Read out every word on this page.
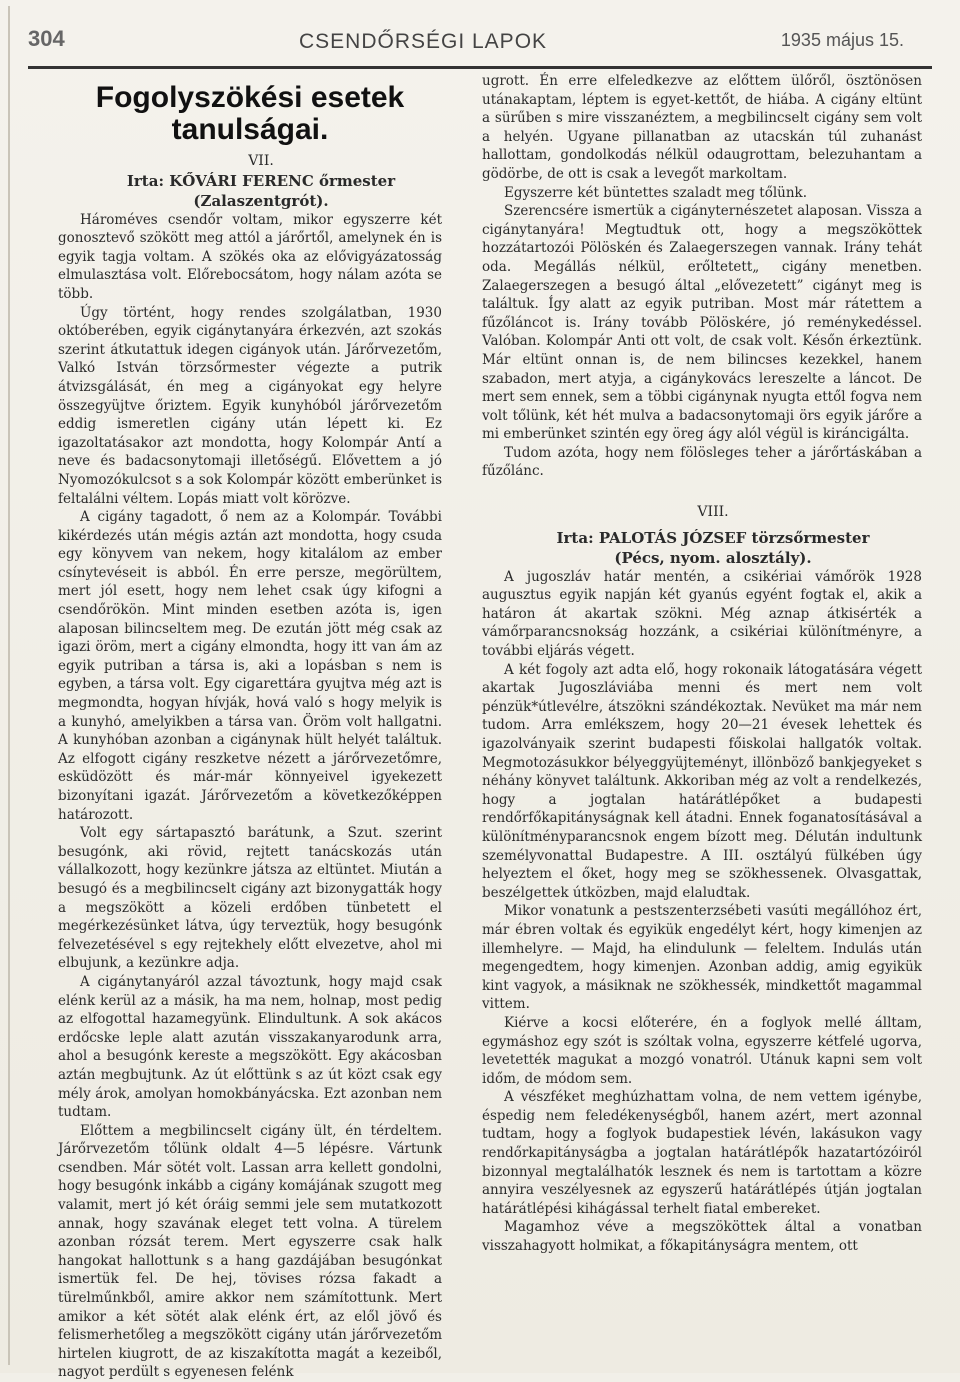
304	CSENDŐRSÉGI LAPOK	1935 május 15.
Fogolyszökési esetek tanulságai.

VII.

Irta: KŐVÁRI FERENC őrmester

(Zalaszentgrót).

Hároméves csendőr voltam, mikor egyszerre két gonosztevő szökött meg attól a járőrtől, amelynek én is egyik tagja voltam. A szökés oka az elővigyázatosság elmulasztása volt. Előrebocsátom, hogy nálam azóta se több.

Úgy történt, hogy rendes szolgálatban, 1930 októberében, egyik cigánytanyára érkezvén, azt szokás szerint átkutattuk idegen cigányok után. Járőrvezetőm, Valkó István törzsőrmester végezte a putrik átvizsgálását, én meg a cigányokat egy helyre összegyüjtve őriztem. Egyik kunyhóból járőrvezetőm eddig ismeretlen cigány után lépett ki. Ez igazoltatásakor azt mondotta, hogy Kolompár Antí a neve és badacsonytomaji illetőségű. Elővettem a jó Nyomozókulcsot s a sok Kolompár között emberünket is feltalálni véltem. Lopás miatt volt körözve.

A cigány tagadott, ő nem az a Kolompár. További kikérdezés után mégis aztán azt mondotta, hogy csuda egy könyvem van nekem, hogy kitalálom az ember csínytevéseit is abból. Én erre persze, megörültem, mert jól esett, hogy nem lehet csak úgy kifogni a csendőrökön. Mint minden esetben azóta is, igen alaposan bilincseltem meg. De ezután jött még csak az igazi öröm, mert a cigány elmondta, hogy itt van ám az egyik putriban a társa is, aki a lopásban s nem is egyben, a társa volt. Egy cigarettára gyujtva még azt is megmondta, hogyan hívják, hová való s hogy melyik is a kunyhó, amelyikben a társa van. Öröm volt hallgatni. A kunyhóban azonban a cigánynak hült helyét találtuk. Az elfogott cigány reszketve nézett a járőrvezetőmre, esküdözött és már-már könnyeivel igyekezett bizonyítani igazát. Járőrvezetőm a következőképpen határozott.

Volt egy sártapasztó barátunk, a Szut. szerint besugónk, aki rövid, rejtett tanácskozás után vállalkozott, hogy kezünkre játsza az eltüntet. Miután a besugó és a megbilincselt cigány azt bizonygatták hogy a megszökött a közeli erdőben tünbetett el megérkezésünket látva, úgy terveztük, hogy besugónk felvezetésével s egy rejtekhely előtt elvezetve, ahol mi elbujunk, a kezünkre adja.

A cigánytanyáról azzal távoztunk, hogy majd csak elénk kerül az a másik, ha ma nem, holnap, most pedig az elfogottal hazamegyünk. Elindultunk. A sok akácos erdőcske leple alatt azután visszakanyarodunk arra, ahol a besugónk kereste a megszökött. Egy akácosban aztán megbujtunk. Az út előttünk s az út közt csak egy mély árok, amolyan homokbányácska. Ezt azonban nem tudtam.

Előttem a megbilincselt cigány ült, én térdeltem. Járőrvezetőm tőlünk oldalt 4—5 lépésre. Vártunk csendben. Már sötét volt. Lassan arra kellett gondolni, hogy besugónk inkább a cigány komájának szugott meg valamit, mert jó két óráig semmi jele sem mutatkozott annak, hogy szavának eleget tett volna. A türelem azonban rózsát terem. Mert egyszerre csak halk hangokat hallottunk s a hang gazdájában besugónkat ismertük fel. De hej, tövises rózsa fakadt a türelműnkből, amire akkor nem számítottunk. Mert amikor a két sötét alak elénk ért, az elől jövő és felismerhetőleg a megszökött cigány után járőrvezetőm hirtelen kiugrott, de az kiszakította magát a kezeiből, nagyot perdült s egyenesen felénk

ugrott. Én erre elfeledkezve az előttem ülőről, ösztönösen utánakaptam, léptem is egyet-kettőt, de hiába. A cigány eltünt a sürűben s mire visszanéztem, a megbilincselt cigány sem volt a helyén. Ugyane pillanatban az utacskán túl zuhanást hallottam, gondolkodás nélkül odaugrottam, belezuhantam a gödörbe, de ott is csak a levegőt markoltam.

Egyszerre két büntettes szaladt meg tőlünk.

Szerencsére ismertük a cigányternészetet alaposan. Vissza a cigánytanyára! Megtudtuk ott, hogy a megszököttek hozzátartozói Pölöskén és Zalaegerszegen vannak. Irány tehát oda. Megállás nélkül, erőltetett„ cigány menetben. Zalaegerszegen a besugó által „elővezetett” cigányt meg is találtuk. Így alatt az egyik putriban. Most már rátettem a fűzőláncot is. Irány tovább Pölöskére, jó reménykedéssel. Valóban. Kolompár Anti ott volt, de csak volt. Későn érkeztünk. Már eltünt onnan is, de nem bilincses kezekkel, hanem szabadon, mert atyja, a cigánykovács lereszelte a láncot. De mert sem ennek, sem a többi cigánynak nyugta ettől fogva nem volt tőlünk, két hét mulva a badacsonytomaji örs egyik járőre a mi emberünket szintén egy öreg ágy alól végül is kiráncigálta.

Tudom azóta, hogy nem fölösleges teher a járőrtáskában a fűzőlánc.

VIII.

Irta: PALOTÁS JÓZSEF törzsőrmester

(Pécs, nyom. alosztály).

A jugoszláv határ mentén, a csikériai vámőrök 1928 augusztus egyik napján két gyanús egyént fogtak el, akik a határon át akartak szökni. Még aznap átkisérték a vámőrparancsnokság hozzánk, a csikériai különítményre, a további eljárás végett.

A két fogoly azt adta elő, hogy rokonaik látogatására végett akartak Jugoszláviába menni és mert nem volt pénzük*útlevélre, átszökni szándékoztak. Nevüket ma már nem tudom. Arra emlékszem, hogy 20—21 évesek lehettek és igazolványaik szerint budapesti főiskolai hallgatók voltak. Megmotozásukkor bélyeggyüjteményt, illönböző bankjegyeket s néhány könyvet találtunk. Akkoriban még az volt a rendelkezés, hogy a jogtalan határátlépőket a budapesti rendőrfőkapitányságnak kell átadni. Ennek foganatosításával a különítményparancsnok engem bízott meg. Délután indultunk személyvonattal Budapestre. A III. osztályú fülkében úgy helyeztem el őket, hogy meg se szökhessenek. Olvasgattak, beszélgettek útközben, majd elaludtak.

Mikor vonatunk a pestszenterzsébeti vasúti megállóhoz ért, már ébren voltak és egyikük engedélyt kért, hogy kimenjen az illemhelyre. — Majd, ha elindulunk — feleltem. Indulás után megengedtem, hogy kimenjen. Azonban addig, amig egyikük kint vagyok, a másiknak ne szökhessék, mindkettőt magammal vittem.

Kiérve a kocsi előterére, én a foglyok mellé álltam, egymáshoz egy szót is szóltak volna, egyszerre kétfelé ugorva, levetették magukat a mozgó vonatról. Utánuk kapni sem volt időm, de módom sem.

A vészféket meghúzhattam volna, de nem vettem igénybe, éspedig nem feledékenységből, hanem azért, mert azonnal tudtam, hogy a foglyok budapestiek lévén, lakásukon vagy rendőrkapitányságba a jogtalan határátlépők hazatartózóiról bizonnyal megtalálhatók lesznek és nem is tartottam a közre annyira veszélyesnek az egyszerű határátlépés útján jogtalan határátlépési kihágással terhelt fiatal embereket.

Magamhoz véve a megszököttek által a vonatban visszahagyott holmikat, a főkapitányságra mentem, ott
